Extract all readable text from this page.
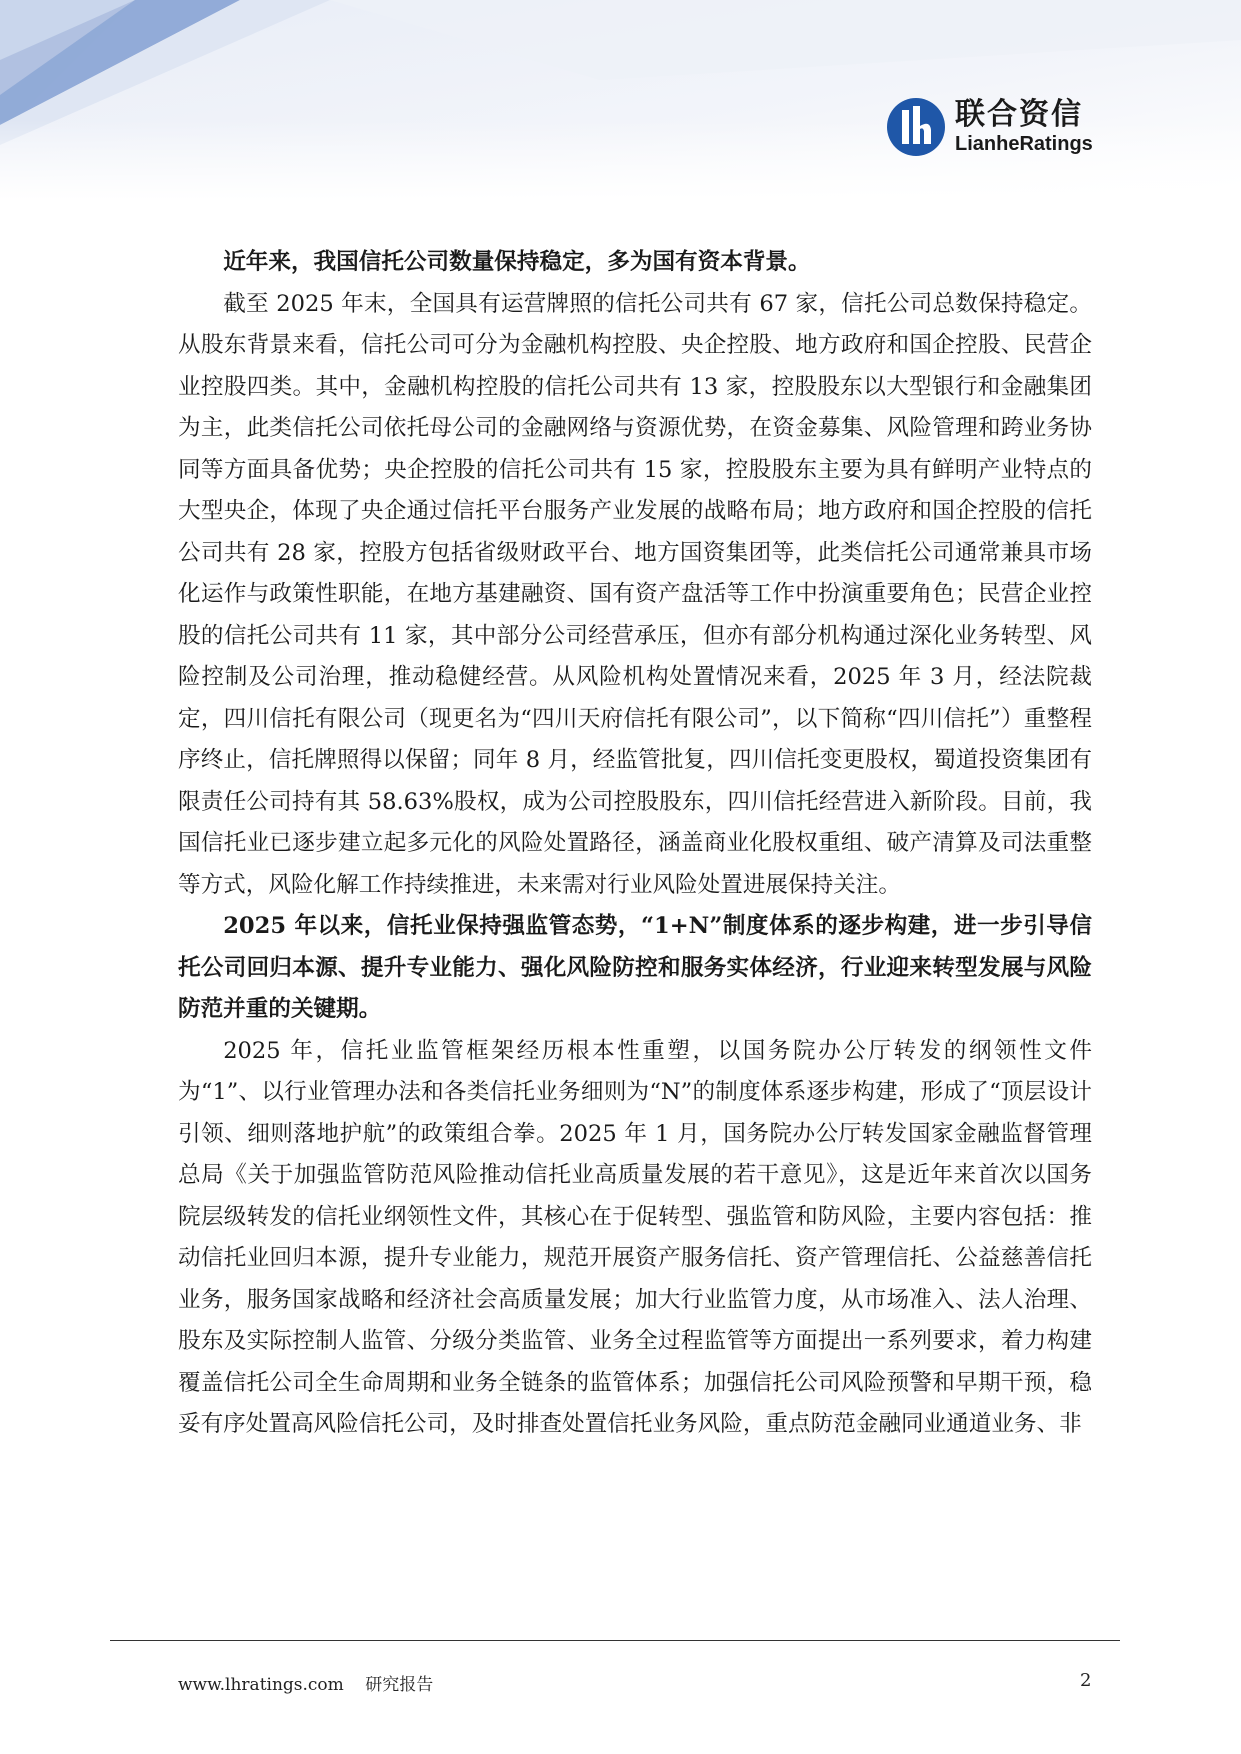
联合资信
LianheRatings

近年来，我国信托公司数量保持稳定，多为国有资本背景。

截至 2025 年末，全国具有运营牌照的信托公司共有 67 家，信托公司总数保持稳定。从股东背景来看，信托公司可分为金融机构控股、央企控股、地方政府和国企控股、民营企业控股四类。其中，金融机构控股的信托公司共有 13 家，控股股东以大型银行和金融集团为主，此类信托公司依托母公司的金融网络与资源优势，在资金募集、风险管理和跨业务协同等方面具备优势；央企控股的信托公司共有 15 家，控股股东主要为具有鲜明产业特点的大型央企，体现了央企通过信托平台服务产业发展的战略布局；地方政府和国企控股的信托公司共有 28 家，控股方包括省级财政平台、地方国资集团等，此类信托公司通常兼具市场化运作与政策性职能，在地方基建融资、国有资产盘活等工作中扮演重要角色；民营企业控股的信托公司共有 11 家，其中部分公司经营承压，但亦有部分机构通过深化业务转型、风险控制及公司治理，推动稳健经营。从风险机构处置情况来看，2025 年 3 月，经法院裁定，四川信托有限公司（现更名为“四川天府信托有限公司”，以下简称“四川信托”）重整程序终止，信托牌照得以保留；同年 8 月，经监管批复，四川信托变更股权，蜀道投资集团有限责任公司持有其 58.63%股权，成为公司控股股东，四川信托经营进入新阶段。目前，我国信托业已逐步建立起多元化的风险处置路径，涵盖商业化股权重组、破产清算及司法重整等方式，风险化解工作持续推进，未来需对行业风险处置进展保持关注。

2025 年以来，信托业保持强监管态势，“1+N”制度体系的逐步构建，进一步引导信托公司回归本源、提升专业能力、强化风险防控和服务实体经济，行业迎来转型发展与风险防范并重的关键期。

2025 年，信托业监管框架经历根本性重塑，以国务院办公厅转发的纲领性文件为“1”、以行业管理办法和各类信托业务细则为“N”的制度体系逐步构建，形成了“顶层设计引领、细则落地护航”的政策组合拳。2025 年 1 月，国务院办公厅转发国家金融监督管理总局《关于加强监管防范风险推动信托业高质量发展的若干意见》，这是近年来首次以国务院层级转发的信托业纲领性文件，其核心在于促转型、强监管和防风险，主要内容包括：推动信托业回归本源，提升专业能力，规范开展资产服务信托、资产管理信托、公益慈善信托业务，服务国家战略和经济社会高质量发展；加大行业监管力度，从市场准入、法人治理、股东及实际控制人监管、分级分类监管、业务全过程监管等方面提出一系列要求，着力构建覆盖信托公司全生命周期和业务全链条的监管体系；加强信托公司风险预警和早期干预，稳妥有序处置高风险信托公司，及时排查处置信托业务风险，重点防范金融同业通道业务、非

www.lhratings.com 研究报告	2
